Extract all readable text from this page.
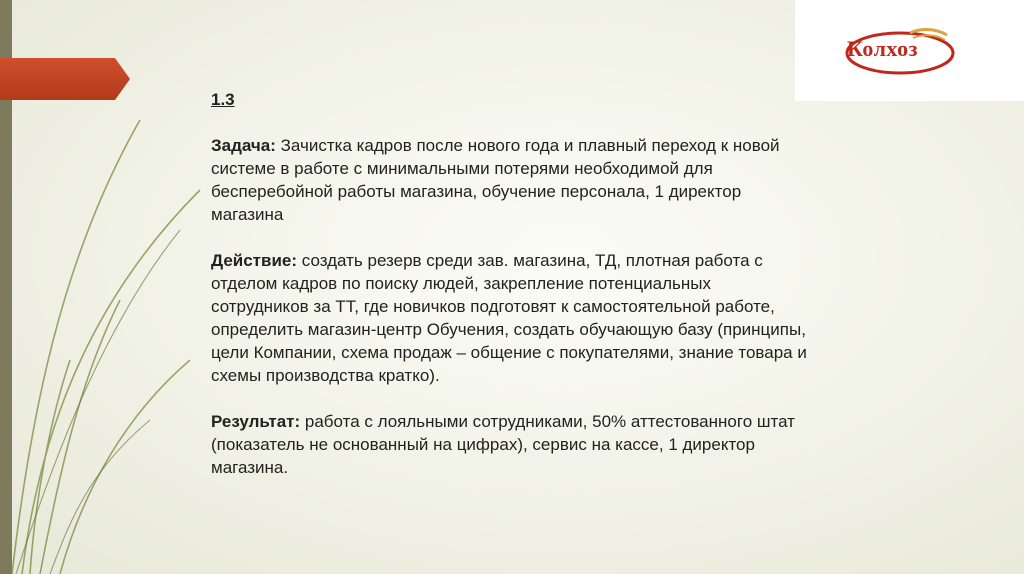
Колхоз
1.3

Задача: Зачистка кадров после нового года и плавный переход к новой системе в работе с минимальными потерями необходимой для бесперебойной работы магазина, обучение персонала, 1 директор магазина

Действие: создать резерв среди зав. магазина, ТД, плотная работа с отделом кадров по поиску людей, закрепление потенциальных сотрудников за ТТ, где новичков подготовят к самостоятельной работе, определить магазин-центр Обучения, создать обучающую базу (принципы, цели Компании, схема продаж – общение с покупателями, знание товара и схемы производства кратко).

Результат: работа с лояльными сотрудниками, 50% аттестованного штат (показатель не основанный на цифрах), сервис на кассе, 1 директор магазина.
